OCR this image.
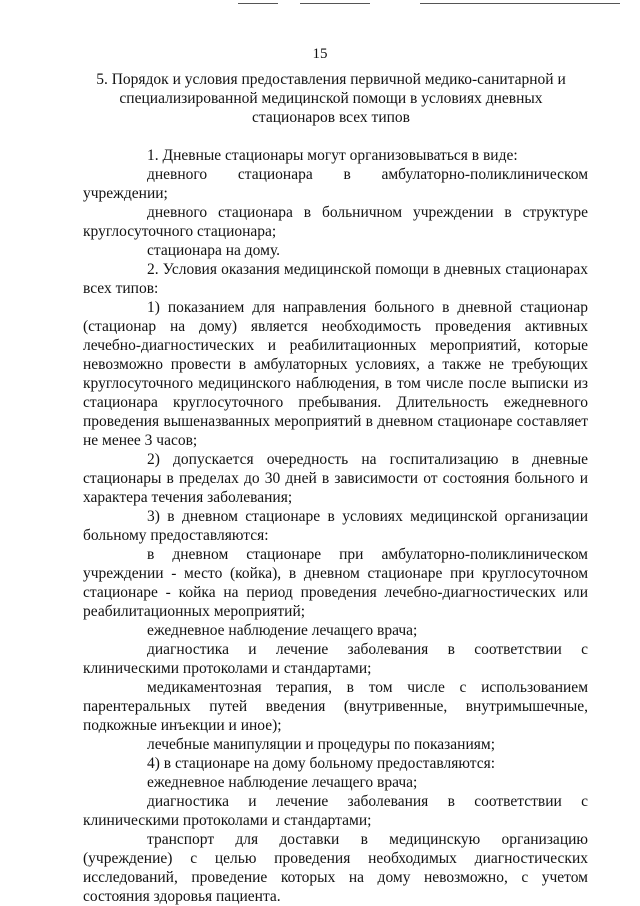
15
5. Порядок и условия предоставления первичной медико-санитарной и специализированной медицинской помощи в условиях дневных стационаров всех типов

1. Дневные стационары могут организовываться в виде:

дневного стационара в амбулаторно-поликлиническом учреждении;

дневного стационара в больничном учреждении в структуре круглосуточного стационара;

стационара на дому.

2. Условия оказания медицинской помощи в дневных стационарах всех типов:

1) показанием для направления больного в дневной стационар (стационар на дому) является необходимость проведения активных лечебно-диагностических и реабилитационных мероприятий, которые невозможно провести в амбулаторных условиях, а также не требующих круглосуточного медицинского наблюдения, в том числе после выписки из стационара круглосуточного пребывания. Длительность ежедневного проведения вышеназванных мероприятий в дневном стационаре составляет не менее 3 часов;

2) допускается очередность на госпитализацию в дневные стационары в пределах до 30 дней в зависимости от состояния больного и характера течения заболевания;

3) в дневном стационаре в условиях медицинской организации больному предоставляются:

в дневном стационаре при амбулаторно-поликлиническом учреждении - место (койка), в дневном стационаре при круглосуточном стационаре - койка на период проведения лечебно-диагностических или реабилитационных мероприятий;

ежедневное наблюдение лечащего врача;

диагностика и лечение заболевания в соответствии с клиническими протоколами и стандартами;

медикаментозная терапия, в том числе с использованием парентеральных путей введения (внутривенные, внутримышечные, подкожные инъекции и иное);

лечебные манипуляции и процедуры по показаниям;

4) в стационаре на дому больному предоставляются:

ежедневное наблюдение лечащего врача;

диагностика и лечение заболевания в соответствии с клиническими протоколами и стандартами;

транспорт для доставки в медицинскую организацию (учреждение) с целью проведения необходимых диагностических исследований, проведение которых на дому невозможно, с учетом состояния здоровья пациента.
